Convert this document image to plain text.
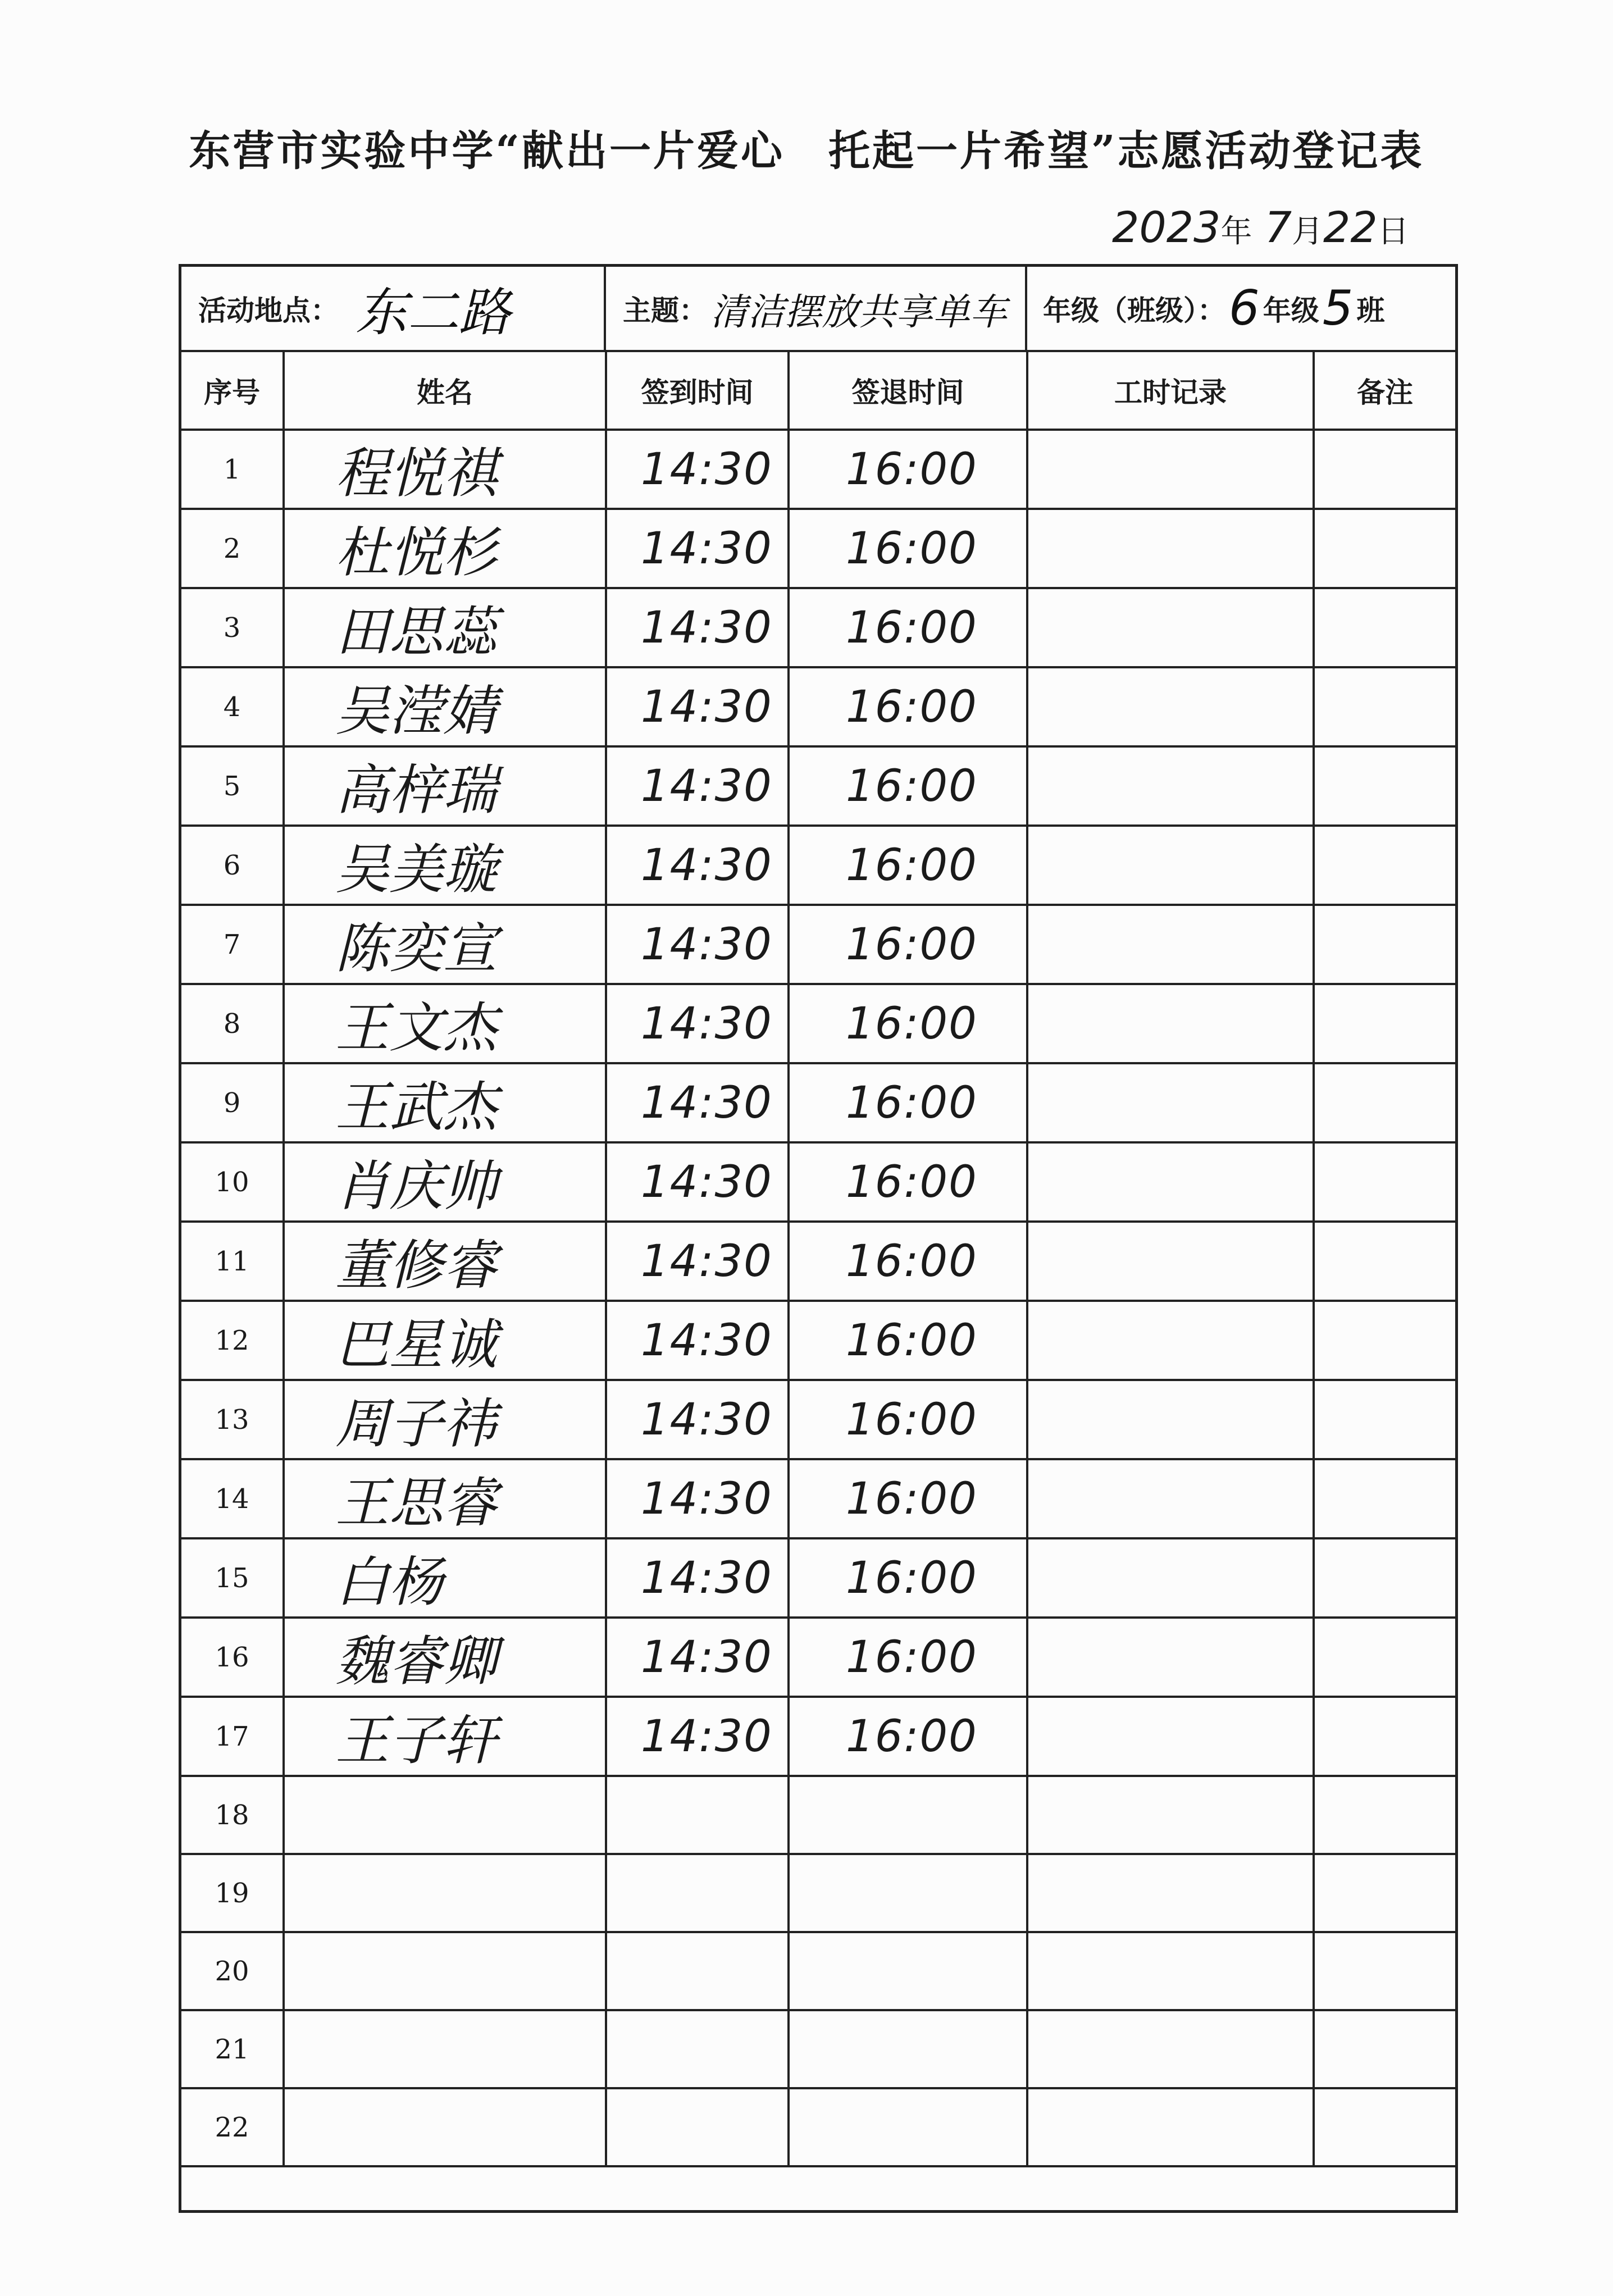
东营市实验中学“献出一片爱心　托起一片希望”志愿活动登记表
2023年 7月22日
活动地点： 东二路	主题： 清洁摆放共享单车 年级（班级）： 6 年级 5 班
序号	姓名	签到时间	签退时间	工时记录	备注
1	程悦祺	14:30	16:00		
2	杜悦杉	14:30	16:00		
3	田思蕊	14:30	16:00		
4	吴滢婧	14:30	16:00		
5	高梓瑞	14:30	16:00		
6	吴美璇	14:30	16:00		
7	陈奕宣	14:30	16:00		
8	王文杰	14:30	16:00		
9	王武杰	14:30	16:00		
10	肖庆帅	14:30	16:00		
11	董修睿	14:30	16:00		
12	巴星诚	14:30	16:00		
13	周子祎	14:30	16:00		
14	王思睿	14:30	16:00		
15	白杨	14:30	16:00		
16	魏睿卿	14:30	16:00		
17	王子轩	14:30	16:00		
18					
19					
20					
21					
22					
